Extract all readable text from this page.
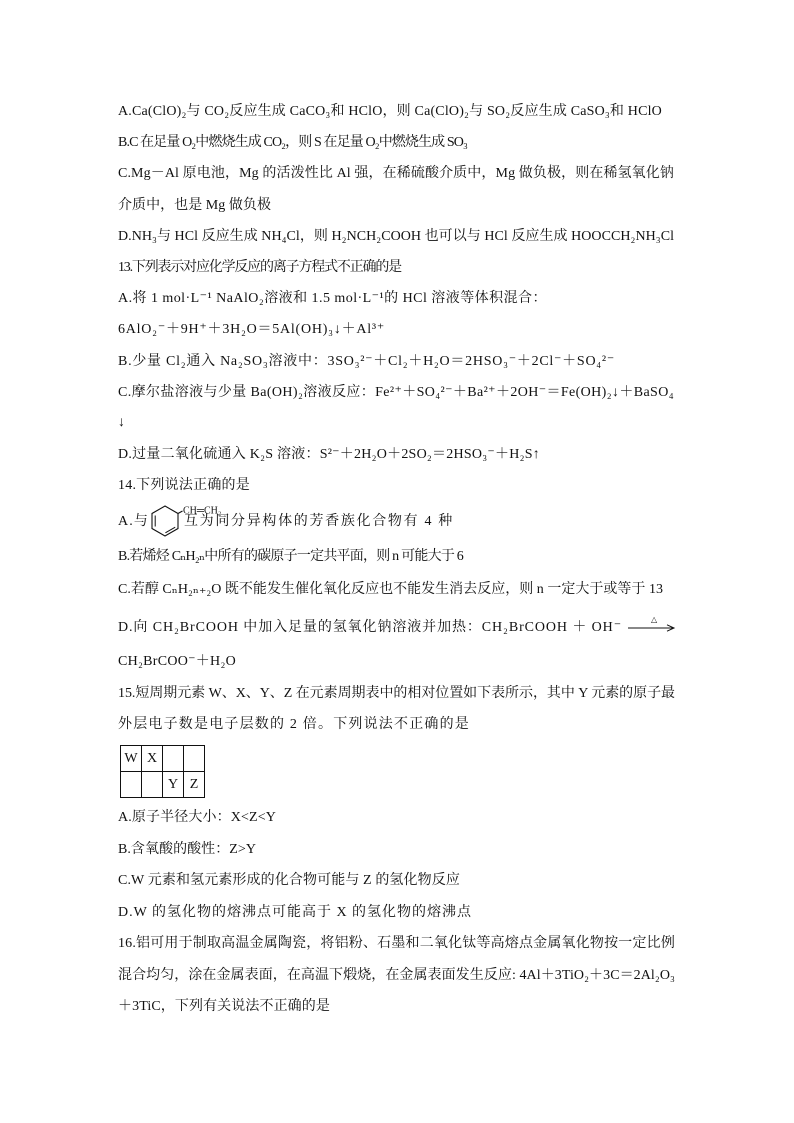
A.Ca(ClO)₂与 CO₂反应生成 CaCO₃和 HClO，则 Ca(ClO)₂与 SO₂反应生成 CaSO₃和 HClO
B.C 在足量 O₂中燃烧生成 CO₂，则 S 在足量 O₂中燃烧生成 SO₃
C.Mg－Al 原电池，Mg 的活泼性比 Al 强，在稀硫酸介质中，Mg 做负极，则在稀氢氧化钠
介质中，也是 Mg 做负极
D.NH₃与 HCl 反应生成 NH₄Cl，则 H₂NCH₂COOH 也可以与 HCl 反应生成 HOOCCH₂NH₃Cl
13.下列表示对应化学反应的离子方程式不正确的是
A.将 1 mol·L⁻¹ NaAlO₂溶液和 1.5 mol·L⁻¹的 HCl 溶液等体积混合：
6AlO₂⁻＋9H⁺＋3H₂O＝5Al(OH)₃↓＋Al³⁺
B.少量 Cl₂通入 Na₂SO₃溶液中：3SO₃²⁻＋Cl₂＋H₂O＝2HSO₃⁻＋2Cl⁻＋SO₄²⁻
C.摩尔盐溶液与少量 Ba(OH)₂溶液反应：Fe²⁺＋SO₄²⁻＋Ba²⁺＋2OH⁻＝Fe(OH)₂↓＋BaSO₄
↓
D.过量二氧化硫通入 K₂S 溶液：S²⁻＋2H₂O＋2SO₂＝2HSO₃⁻＋H₂S↑
14.下列说法正确的是
A.与
CH═CH₂
互为同分异构体的芳香族化合物有 4 种
B.若烯烃 CₙH₂ₙ中所有的碳原子一定共平面，则 n 可能大于 6
C.若醇 CₙH₂ₙ₊₂O 既不能发生催化氧化反应也不能发生消去反应，则 n 一定大于或等于 13
D.向 CH₂BrCOOH 中加入足量的氢氧化钠溶液并加热：CH₂BrCOOH ＋ OH⁻
△
CH₂BrCOO⁻＋H₂O
15.短周期元素 W、X、Y、Z 在元素周期表中的相对位置如下表所示，其中 Y 元素的原子最
外层电子数是电子层数的 2 倍。下列说法不正确的是
W	X		
		Y	Z
A.原子半径大小：X<Z<Y
B.含氧酸的酸性：Z>Y
C.W 元素和氢元素形成的化合物可能与 Z 的氢化物反应
D.W 的氢化物的熔沸点可能高于 X 的氢化物的熔沸点
16.铝可用于制取高温金属陶瓷，将铝粉、石墨和二氧化钛等高熔点金属氧化物按一定比例
混合均匀，涂在金属表面，在高温下煅烧，在金属表面发生反应: 4Al＋3TiO₂＋3C＝2Al₂O₃
＋3TiC，下列有关说法不正确的是
